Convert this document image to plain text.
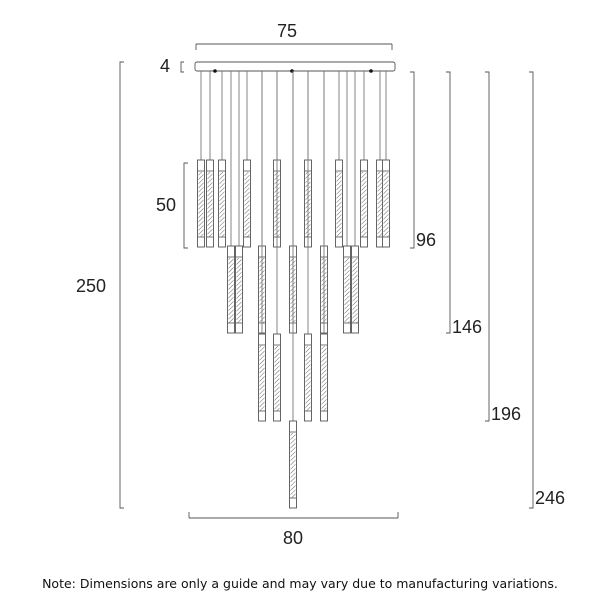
75
4
50
250
80
96
146
196
246
Note: Dimensions are only a guide and may vary due to manufacturing variations.
